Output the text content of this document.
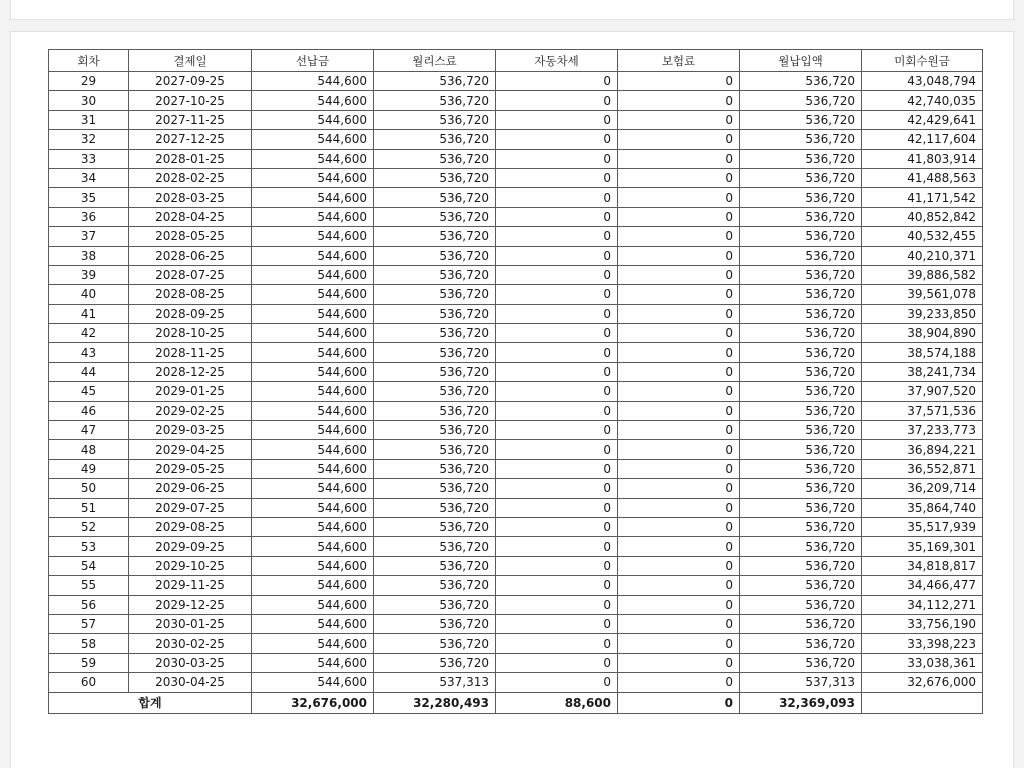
회차	결제일	선납금	월리스료	자동차세	보험료	월납입액	미회수원금
29	2027-09-25	544,600	536,720	0	0	536,720	43,048,794
30	2027-10-25	544,600	536,720	0	0	536,720	42,740,035
31	2027-11-25	544,600	536,720	0	0	536,720	42,429,641
32	2027-12-25	544,600	536,720	0	0	536,720	42,117,604
33	2028-01-25	544,600	536,720	0	0	536,720	41,803,914
34	2028-02-25	544,600	536,720	0	0	536,720	41,488,563
35	2028-03-25	544,600	536,720	0	0	536,720	41,171,542
36	2028-04-25	544,600	536,720	0	0	536,720	40,852,842
37	2028-05-25	544,600	536,720	0	0	536,720	40,532,455
38	2028-06-25	544,600	536,720	0	0	536,720	40,210,371
39	2028-07-25	544,600	536,720	0	0	536,720	39,886,582
40	2028-08-25	544,600	536,720	0	0	536,720	39,561,078
41	2028-09-25	544,600	536,720	0	0	536,720	39,233,850
42	2028-10-25	544,600	536,720	0	0	536,720	38,904,890
43	2028-11-25	544,600	536,720	0	0	536,720	38,574,188
44	2028-12-25	544,600	536,720	0	0	536,720	38,241,734
45	2029-01-25	544,600	536,720	0	0	536,720	37,907,520
46	2029-02-25	544,600	536,720	0	0	536,720	37,571,536
47	2029-03-25	544,600	536,720	0	0	536,720	37,233,773
48	2029-04-25	544,600	536,720	0	0	536,720	36,894,221
49	2029-05-25	544,600	536,720	0	0	536,720	36,552,871
50	2029-06-25	544,600	536,720	0	0	536,720	36,209,714
51	2029-07-25	544,600	536,720	0	0	536,720	35,864,740
52	2029-08-25	544,600	536,720	0	0	536,720	35,517,939
53	2029-09-25	544,600	536,720	0	0	536,720	35,169,301
54	2029-10-25	544,600	536,720	0	0	536,720	34,818,817
55	2029-11-25	544,600	536,720	0	0	536,720	34,466,477
56	2029-12-25	544,600	536,720	0	0	536,720	34,112,271
57	2030-01-25	544,600	536,720	0	0	536,720	33,756,190
58	2030-02-25	544,600	536,720	0	0	536,720	33,398,223
59	2030-03-25	544,600	536,720	0	0	536,720	33,038,361
60	2030-04-25	544,600	537,313	0	0	537,313	32,676,000
합계		32,676,000	32,280,493	88,600	0	32,369,093	
